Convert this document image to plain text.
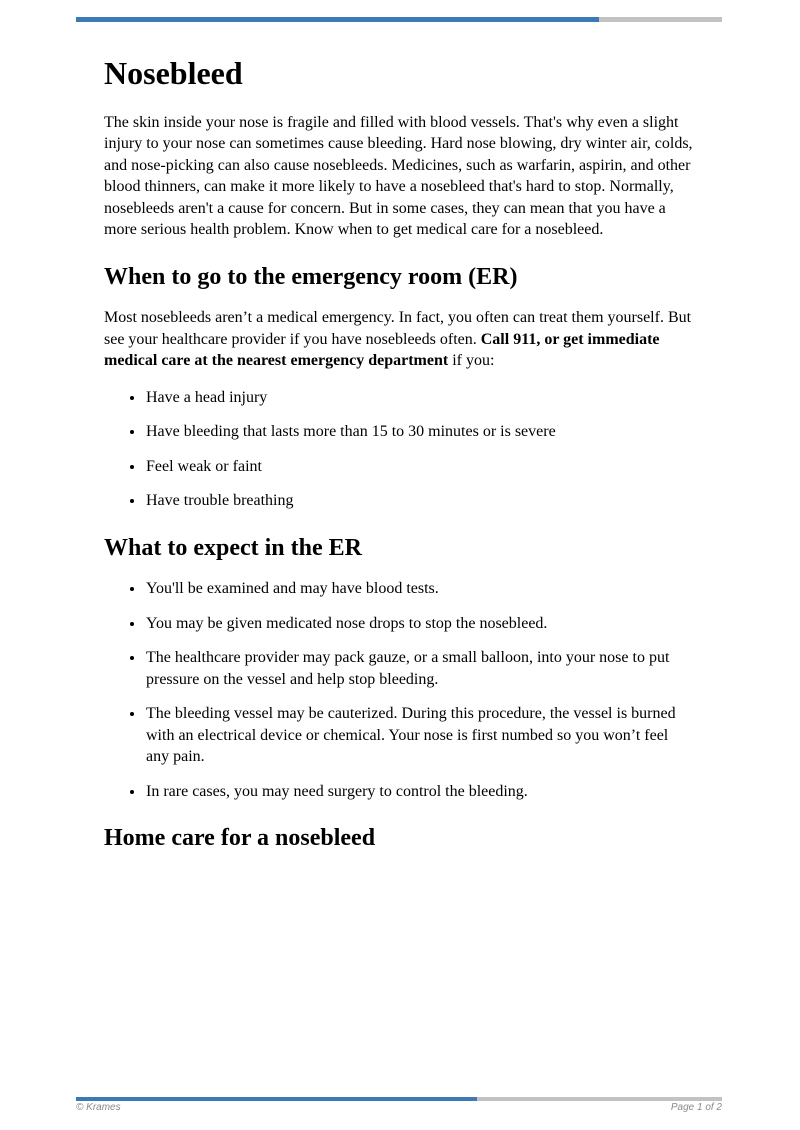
Nosebleed

The skin inside your nose is fragile and filled with blood vessels. That's why even a slight injury to your nose can sometimes cause bleeding. Hard nose blowing, dry winter air, colds, and nose-picking can also cause nosebleeds. Medicines, such as warfarin, aspirin, and other blood thinners, can make it more likely to have a nosebleed that's hard to stop. Normally, nosebleeds aren't a cause for concern. But in some cases, they can mean that you have a more serious health problem. Know when to get medical care for a nosebleed.

When to go to the emergency room (ER)

Most nosebleeds aren’t a medical emergency. In fact, you often can treat them yourself. But see your healthcare provider if you have nosebleeds often. Call 911, or get immediate medical care at the nearest emergency department if you:

• Have a head injury
• Have bleeding that lasts more than 15 to 30 minutes or is severe
• Feel weak or faint
• Have trouble breathing
What to expect in the ER
• You'll be examined and may have blood tests.
• You may be given medicated nose drops to stop the nosebleed.
• The healthcare provider may pack gauze, or a small balloon, into your nose to put pressure on the vessel and help stop bleeding.
• The bleeding vessel may be cauterized. During this procedure, the vessel is burned with an electrical device or chemical. Your nose is first numbed so you won’t feel any pain.
• In rare cases, you may need surgery to control the bleeding.
Home care for a nosebleed
© Krames	Page 1 of 2
